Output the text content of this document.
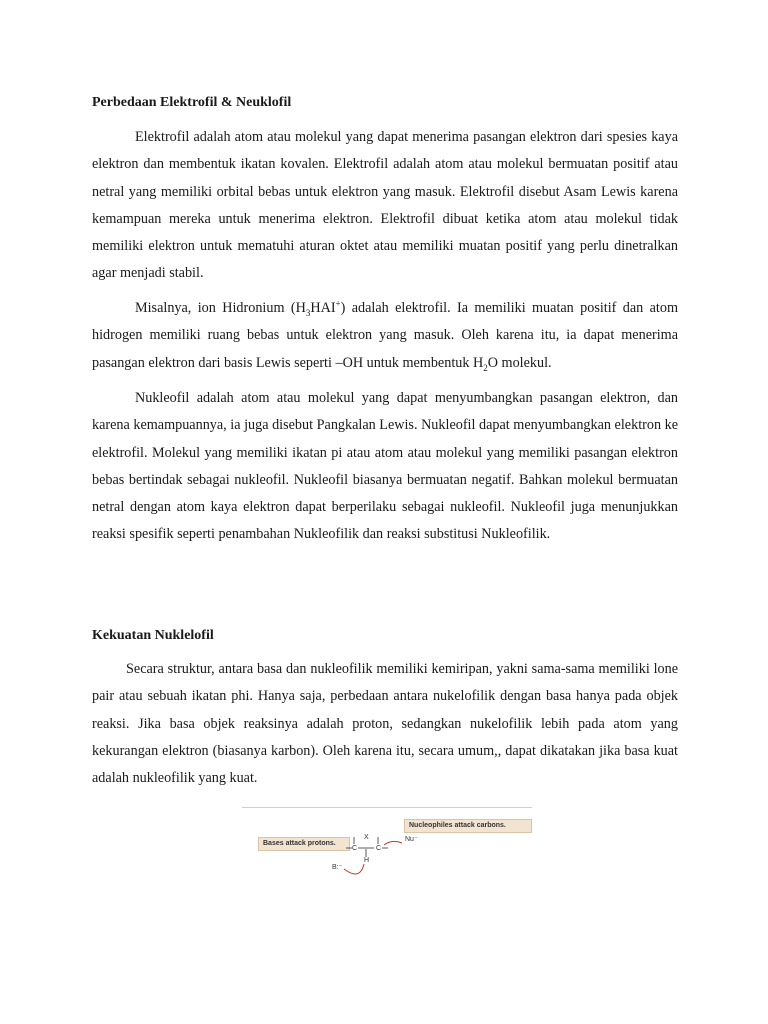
Perbedaan Elektrofil & Neuklofil

Elektrofil adalah atom atau molekul yang dapat menerima pasangan elektron dari spesies kaya elektron dan membentuk ikatan kovalen. Elektrofil adalah atom atau molekul bermuatan positif atau netral yang memiliki orbital bebas untuk elektron yang masuk. Elektrofil disebut Asam Lewis karena kemampuan mereka untuk menerima elektron. Elektrofil dibuat ketika atom atau molekul tidak memiliki elektron untuk mematuhi aturan oktet atau memiliki muatan positif yang perlu dinetralkan agar menjadi stabil.

Misalnya, ion Hidronium $(H_3HAI^+)$ adalah elektrofil. Ia memiliki muatan positif dan atom hidrogen memiliki ruang bebas untuk elektron yang masuk. Oleh karena itu, ia dapat menerima pasangan elektron dari basis Lewis seperti –OH untuk membentuk $H_2O$ molekul.

Nukleofil adalah atom atau molekul yang dapat menyumbangkan pasangan elektron, dan karena kemampuannya, ia juga disebut Pangkalan Lewis. Nukleofil dapat menyumbangkan elektron ke elektrofil. Molekul yang memiliki ikatan pi atau atom atau molekul yang memiliki pasangan elektron bebas bertindak sebagai nukleofil. Nukleofil biasanya bermuatan negatif. Bahkan molekul bermuatan netral dengan atom kaya elektron dapat berperilaku sebagai nukleofil. Nukleofil juga menunjukkan reaksi spesifik seperti penambahan Nukleofilik dan reaksi substitusi Nukleofilik.

Kekuatan Nuklelofil

Secara struktur, antara basa dan nukleofilik memiliki kemiripan, yakni sama-sama memiliki lone pair atau sebuah ikatan phi. Hanya saja, perbedaan antara nukelofilik dengan basa hanya pada objek reaksi. Jika basa objek reaksinya adalah proton, sedangkan nukelofilik lebih pada atom yang kekurangan elektron (biasanya karbon). Oleh karena itu, secara umum,, dapat dikatakan jika basa kuat adalah nukleofilik yang kuat.

Bases attack protons.
Nucleophiles attack carbons.
X
C	C
H
Nu⁻
B:⁻
